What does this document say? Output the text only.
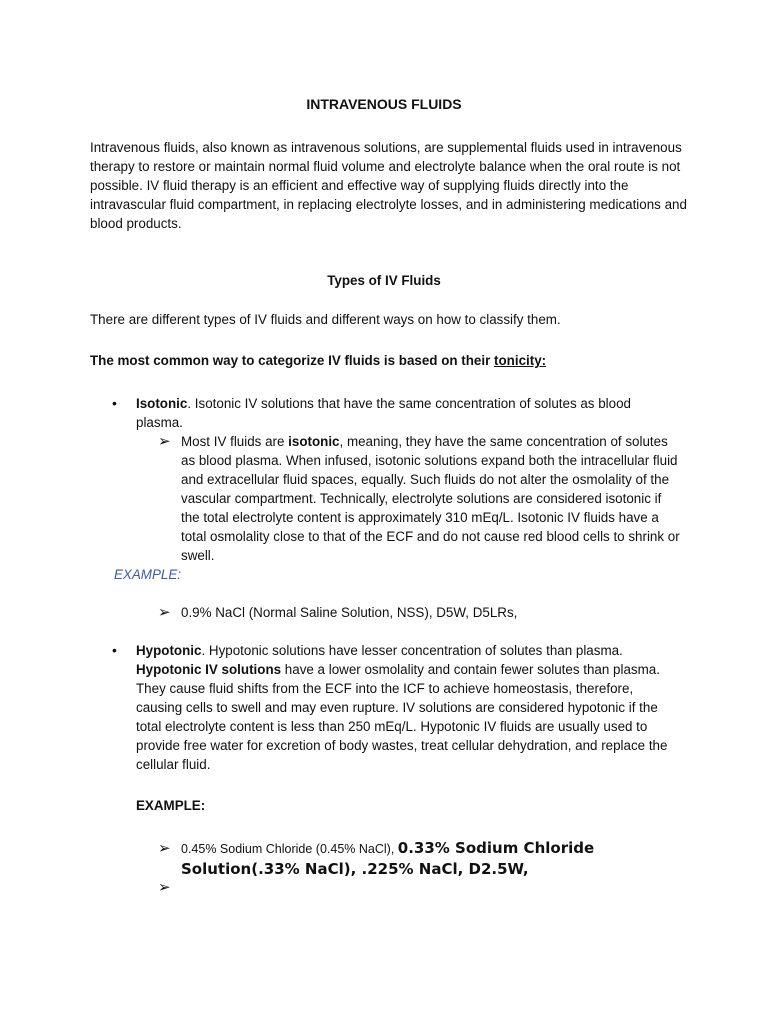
INTRAVENOUS FLUIDS

Intravenous fluids, also known as intravenous solutions, are supplemental fluids used in intravenous therapy to restore or maintain normal fluid volume and electrolyte balance when the oral route is not possible. IV fluid therapy is an efficient and effective way of supplying fluids directly into the intravascular fluid compartment, in replacing electrolyte losses, and in administering medications and blood products.

Types of IV Fluids

There are different types of IV fluids and different ways on how to classify them.

The most common way to categorize IV fluids is based on their tonicity:

• Isotonic. Isotonic IV solutions that have the same concentration of solutes as blood plasma.

➢ Most IV fluids are isotonic, meaning, they have the same concentration of solutes as blood plasma. When infused, isotonic solutions expand both the intracellular fluid and extracellular fluid spaces, equally. Such fluids do not alter the osmolality of the vascular compartment. Technically, electrolyte solutions are considered isotonic if the total electrolyte content is approximately 310 mEq/L. Isotonic IV fluids have a total osmolality close to that of the ECF and do not cause red blood cells to shrink or swell.

EXAMPLE:
➢ 0.9% NaCl (Normal Saline Solution, NSS), D5W, D5LRs,

• Hypotonic. Hypotonic solutions have lesser concentration of solutes than plasma. Hypotonic IV solutions have a lower osmolality and contain fewer solutes than plasma. They cause fluid shifts from the ECF into the ICF to achieve homeostasis, therefore, causing cells to swell and may even rupture. IV solutions are considered hypotonic if the total electrolyte content is less than 250 mEq/L. Hypotonic IV fluids are usually used to provide free water for excretion of body wastes, treat cellular dehydration, and replace the cellular fluid.

EXAMPLE:
➢ 0.45% Sodium Chloride (0.45% NaCl), 0.33% Sodium Chloride Solution(.33% NaCl), .225% NaCl, D2.5W,

➢
